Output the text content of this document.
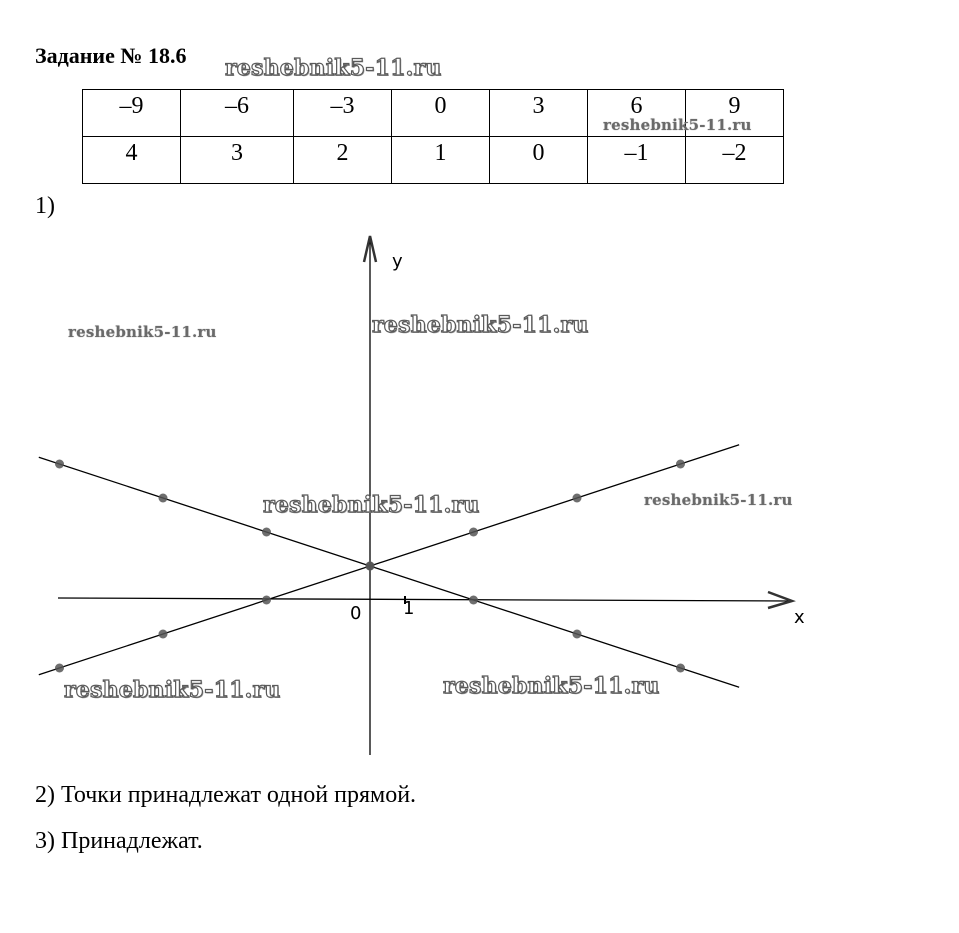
Задание № 18.6
–9	–6	–3	0	3	6	9
4	3	2	1	0	–1	–2
1)
x
y
0 1
reshebnik5-11.ru
reshebnik5-11.ru
reshebnik5-11.ru	reshebnik5-11.ru
reshebnik5-11.ru	reshebnik5-11.ru
reshebnik5-11.ru	reshebnik5-11.ru
2) Точки принадлежат одной прямой.
3) Принадлежат.
